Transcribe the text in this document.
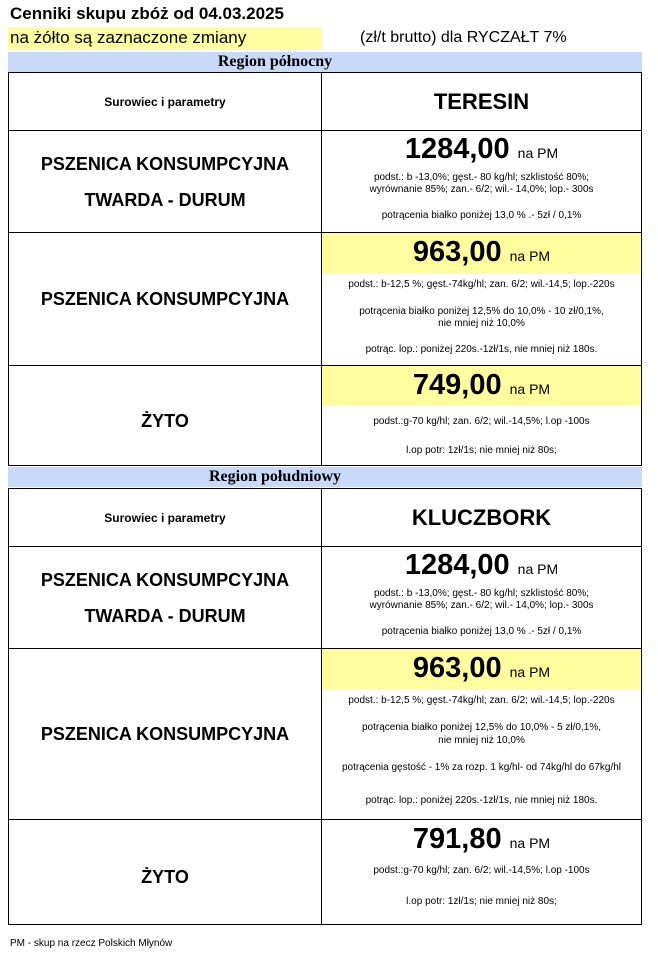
Cenniki skupu zbóż od 04.03.2025
na żółto są zaznaczone zmiany	(zł/t brutto) dla RYCZAŁT 7%
Region północny
Surowiec i parametry	TERESIN
PSZENICA KONSUMPCYJNA
TWARDA - DURUM
1284,00 na PM
podst.: b -13,0%; gęst.- 80 kg/hl; szklistość 80%;
wyrównanie 85%; zan.- 6/2; wil.- 14,0%; lop.- 300s
potrącenia białko poniżej 13,0 % .- 5zł / 0,1%
PSZENICA KONSUMPCYJNA
963,00 na PM
podst.: b-12,5 %; gęst.-74kg/hl; zan. 6/2; wil.-14,5; lop.-220s
potrącenia białko poniżej 12,5% do 10,0% - 10 zł/0,1%,
nie mniej niż 10,0%
potrąc. lop.: poniżej 220s.-1zł/1s, nie mniej niż 180s.
ŻYTO
749,00 na PM
podst.:g-70 kg/hl; zan. 6/2; wil.-14,5%; l.op -100s
l.op potr: 1zł/1s; nie mniej niż 80s;
Region południowy
Surowiec i parametry	KLUCZBORK
PSZENICA KONSUMPCYJNA
TWARDA - DURUM
1284,00 na PM
podst.: b -13,0%; gęst.- 80 kg/hl; szklistość 80%;
wyrównanie 85%; zan.- 6/2; wil.- 14,0%; lop.- 300s
potrącenia białko poniżej 13,0 % .- 5zł / 0,1%
PSZENICA KONSUMPCYJNA
963,00 na PM
podst.: b-12,5 %; gęst.-74kg/hl; zan. 6/2; wil.-14,5; lop.-220s
potrącenia białko poniżej 12,5% do 10,0% - 5 zł/0,1%,
nie mniej niż 10,0%
potrącenia gęstość - 1% za rozp. 1 kg/hl- od 74kg/hl do 67kg/hl
potrąc. lop.: poniżej 220s.-1zł/1s, nie mniej niż 180s.
ŻYTO
791,80 na PM
podst.:g-70 kg/hl; zan. 6/2; wil.-14,5%; l.op -100s
l.op potr: 1zł/1s; nie mniej niż 80s;
PM - skup na rzecz Polskich Młynów
